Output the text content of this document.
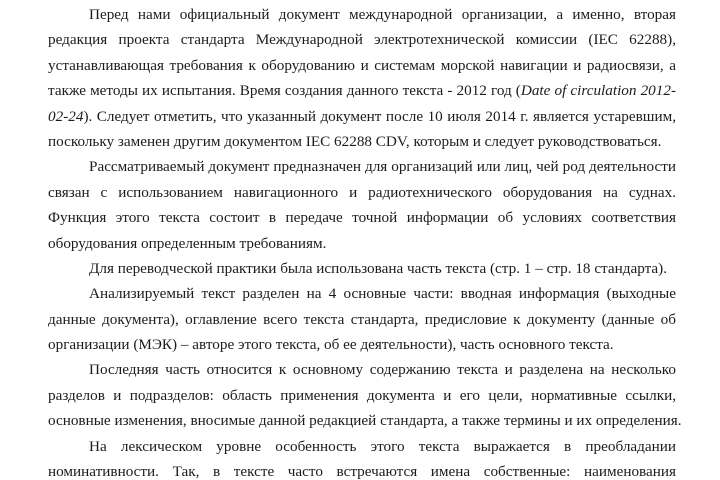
Перед нами официальный документ международной организации, а именно, вторая
редакция проекта стандарта Международной электротехнической комиссии (IEC 62288),
устанавливающая требования к оборудованию и системам морской навигации и радиосвязи, а
также методы их испытания. Время создания данного текста - 2012 год (Date of circulation 2012-
02-24). Следует отметить, что указанный документ после 10 июля 2014 г. является устаревшим,
поскольку заменен другим документом IEC 62288 CDV, которым и следует руководствоваться.
Рассматриваемый документ предназначен для организаций или лиц, чей род деятельности
связан с использованием навигационного и радиотехнического оборудования на суднах.
Функция этого текста состоит в передаче точной информации об условиях соответствия
оборудования определенным требованиям.
Для переводческой практики была использована часть текста (стр. 1 – стр. 18 стандарта).
Анализируемый текст разделен на 4 основные части: вводная информация (выходные
данные документа), оглавление всего текста стандарта, предисловие к документу (данные об
организации (МЭК) – авторе этого текста, об ее деятельности), часть основного текста.
Последняя часть относится к основному содержанию текста и разделена на несколько
разделов и подразделов: область применения документа и его цели, нормативные ссылки,
основные изменения, вносимые данной редакцией стандарта, а также термины и их определения.
На лексическом уровне особенность этого текста выражается в преобладании
номинативности. Так, в тексте часто встречаются имена собственные: наименования
